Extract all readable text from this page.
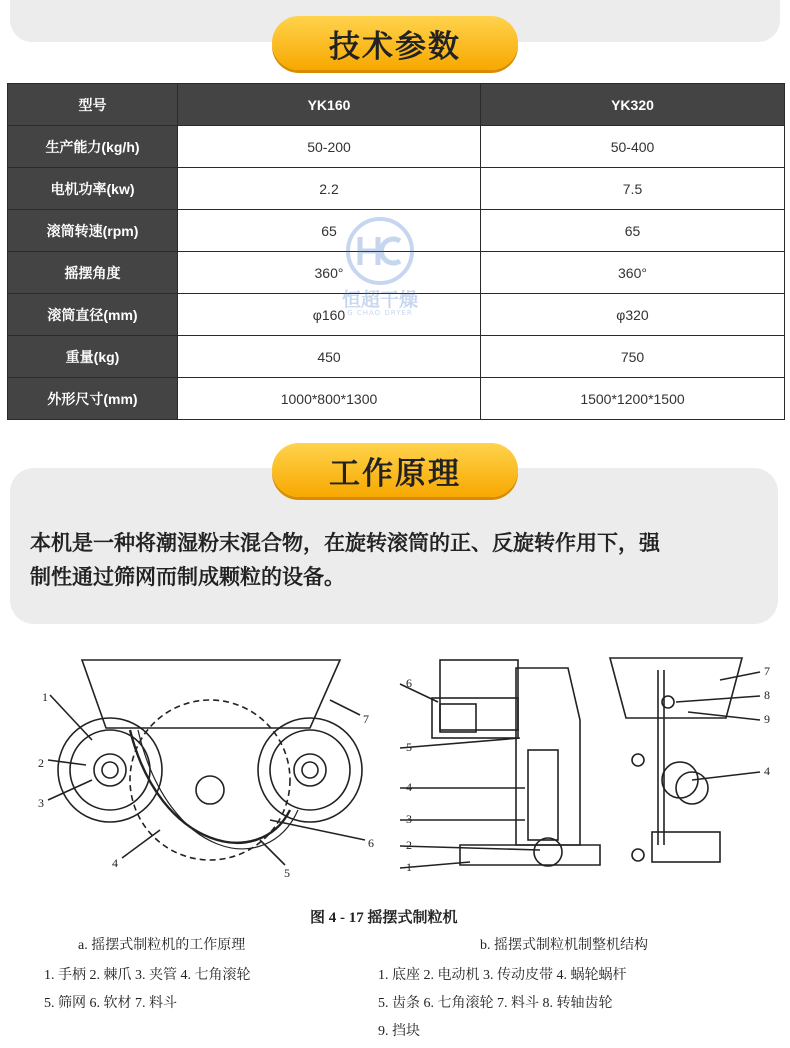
技术参数
型号	YK160	YK320
生产能力(kg/h)	50-200	50-400
电机功率(kw)	2.2	7.5
滚筒转速(rpm)	65	65
摇摆角度	360°	360°
滚筒直径(mm)	φ160	φ320
重量(kg)	450	750
外形尺寸(mm)	1000*800*1300	1500*1200*1500
恒超干燥
G CHAO DRYER
工作原理
本机是一种将潮湿粉末混合物，在旋转滚筒的正、反旋转作用下，强
制性通过筛网而制成颗粒的设备。
1
2
3
4
5
6
7
6
5
4
3
2
1
7
8
9
4
图 4 - 17 摇摆式制粒机
a. 摇摆式制粒机的工作原理
1. 手柄 2. 棘爪 3. 夹管 4. 七角滚轮
5. 筛网 6. 软材 7. 料斗
b. 摇摆式制粒机制整机结构
1. 底座 2. 电动机 3. 传动皮带 4. 蜗轮蜗杆
5. 齿条 6. 七角滚轮 7. 料斗 8. 转轴齿轮
9. 挡块
